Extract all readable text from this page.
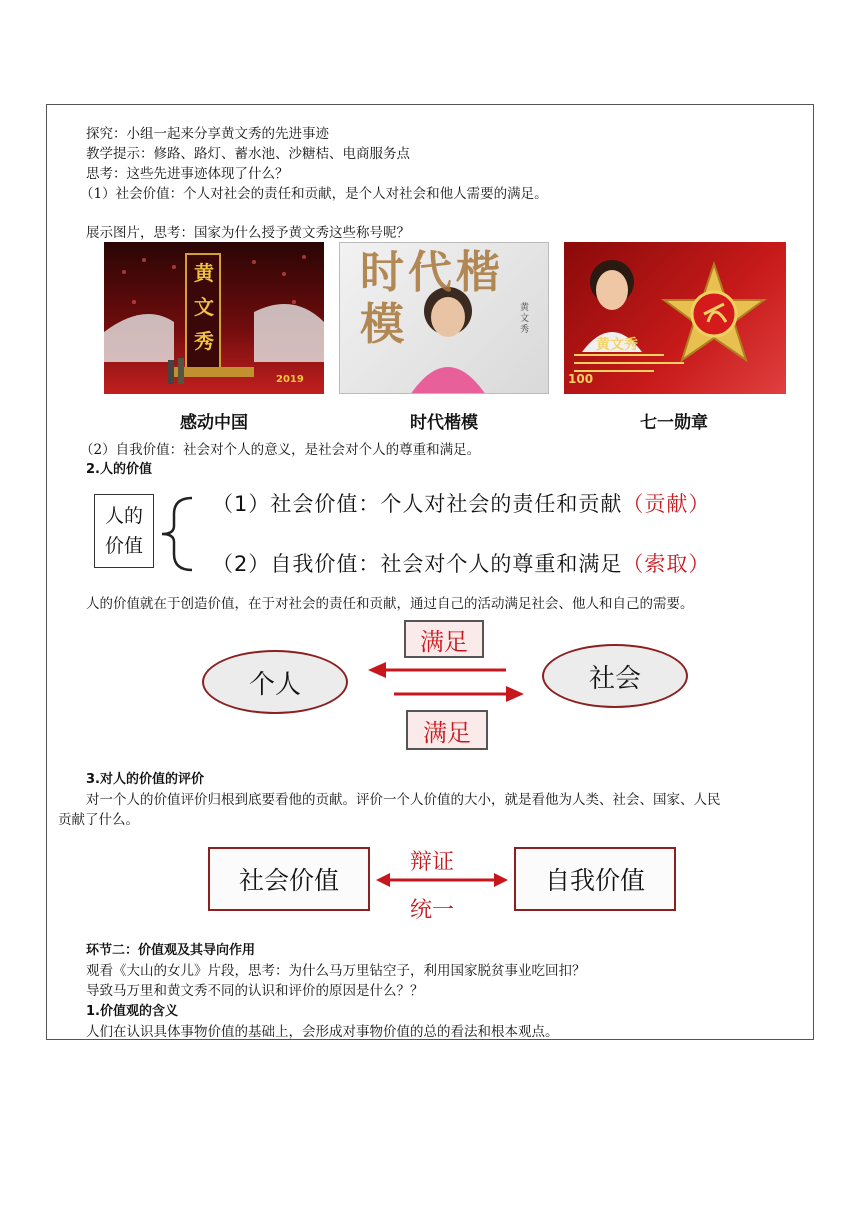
探究：小组一起来分享黄文秀的先进事迹
教学提示：修路、路灯、蓄水池、沙糖桔、电商服务点
思考：这些先进事迹体现了什么？
（1）社会价值：个人对社会的责任和贡献，是个人对社会和他人需要的满足。
展示图片，思考：国家为什么授予黄文秀这些称号呢？
黄文秀
2019
感动中国
时代楷模	黄文秀
时代楷模
黄文秀
100
七一勋章
（2）自我价值：社会对个人的意义，是社会对个人的尊重和满足。
2.人的价值
人的价值
（1）社会价值：个人对社会的责任和贡献（贡献）
（2）自我价值：社会对个人的尊重和满足（索取）
人的价值就在于创造价值，在于对社会的责任和贡献，通过自己的活动满足社会、他人和自己的需要。
满足
个人	社会
满足
3.对人的价值的评价
对一个人的价值评价归根到底要看他的贡献。评价一个人价值的大小，就是看他为人类、社会、国家、人民
贡献了什么。
社会价值	自我价值
辩证
统一
环节二：价值观及其导向作用
观看《大山的女儿》片段，思考：为什么马万里钻空子，利用国家脱贫事业吃回扣？
导致马万里和黄文秀不同的认识和评价的原因是什么？？
1.价值观的含义
人们在认识具体事物价值的基础上，会形成对事物价值的总的看法和根本观点。
